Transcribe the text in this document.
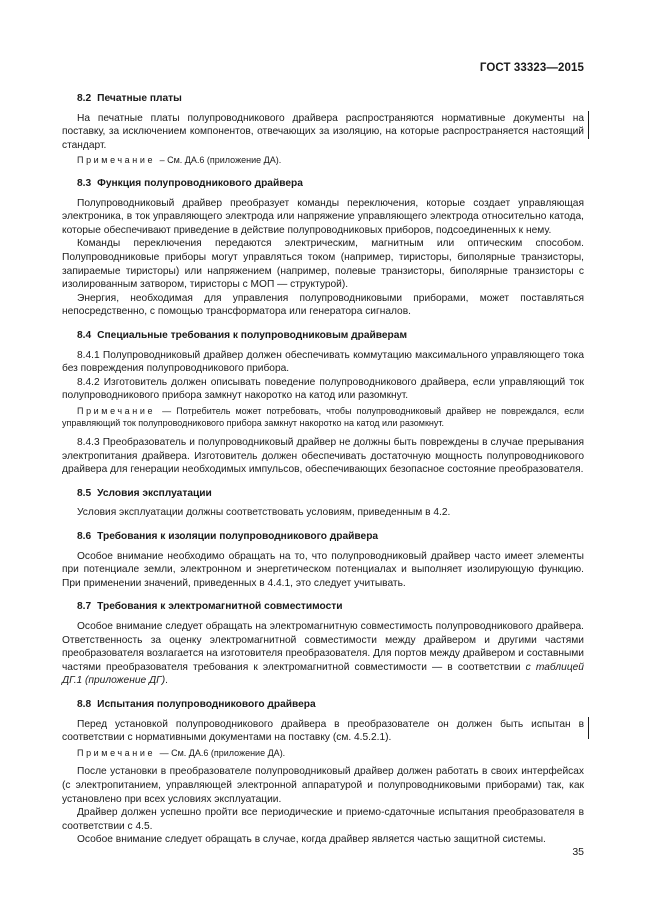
ГОСТ 33323—2015
8.2 Печатные платы

На печатные платы полупроводникового драйвера распространяются нормативные документы на поставку, за исключением компонентов, отвечающих за изоляцию, на которые распространяется настоящий стандарт.

Примечание – См. ДА.6 (приложение ДА).

8.3 Функция полупроводникового драйвера

Полупроводниковый драйвер преобразует команды переключения, которые создает управляющая электроника, в ток управляющего электрода или напряжение управляющего электрода относительно катода, которые обеспечивают приведение в действие полупроводниковых приборов, подсоединенных к нему.

Команды переключения передаются электрическим, магнитным или оптическим способом. Полупроводниковые приборы могут управляться током (например, тиристоры, биполярные транзисторы, запираемые тиристоры) или напряжением (например, полевые транзисторы, биполярные транзисторы с изолированным затвором, тиристоры с МОП — структурой).

Энергия, необходимая для управления полупроводниковыми приборами, может поставляться непосредственно, с помощью трансформатора или генератора сигналов.

8.4 Специальные требования к полупроводниковым драйверам

8.4.1 Полупроводниковый драйвер должен обеспечивать коммутацию максимального управляющего тока без повреждения полупроводникового прибора.

8.4.2 Изготовитель должен описывать поведение полупроводникового драйвера, если управляющий ток полупроводникового прибора замкнут накоротко на катод или разомкнут.

Примечание — Потребитель может потребовать, чтобы полупроводниковый драйвер не повреждался, если управляющий ток полупроводникового прибора замкнут накоротко на катод или разомкнут.

8.4.3 Преобразователь и полупроводниковый драйвер не должны быть повреждены в случае прерывания электропитания драйвера. Изготовитель должен обеспечивать достаточную мощность полупроводникового драйвера для генерации необходимых импульсов, обеспечивающих безопасное состояние преобразователя.

8.5 Условия эксплуатации

Условия эксплуатации должны соответствовать условиям, приведенным в 4.2.

8.6 Требования к изоляции полупроводникового драйвера

Особое внимание необходимо обращать на то, что полупроводниковый драйвер часто имеет элементы при потенциале земли, электронном и энергетическом потенциалах и выполняет изолирующую функцию. При применении значений, приведенных в 4.4.1, это следует учитывать.

8.7 Требования к электромагнитной совместимости

Особое внимание следует обращать на электромагнитную совместимость полупроводникового драйвера. Ответственность за оценку электромагнитной совместимости между драйвером и другими частями преобразователя возлагается на изготовителя преобразователя. Для портов между драйвером и составными частями преобразователя требования к электромагнитной совместимости — в соответствии с таблицей ДГ.1 (приложение ДГ).

8.8 Испытания полупроводникового драйвера

Перед установкой полупроводникового драйвера в преобразователе он должен быть испытан в соответствии с нормативными документами на поставку (см. 4.5.2.1).

Примечание — См. ДА.6 (приложение ДА).

После установки в преобразователе полупроводниковый драйвер должен работать в своих интерфейсах (с электропитанием, управляющей электронной аппаратурой и полупроводниковыми приборами) так, как установлено при всех условиях эксплуатации.

Драйвер должен успешно пройти все периодические и приемо-сдаточные испытания преобразователя в соответствии с 4.5.

Особое внимание следует обращать в случае, когда драйвер является частью защитной системы.

35
